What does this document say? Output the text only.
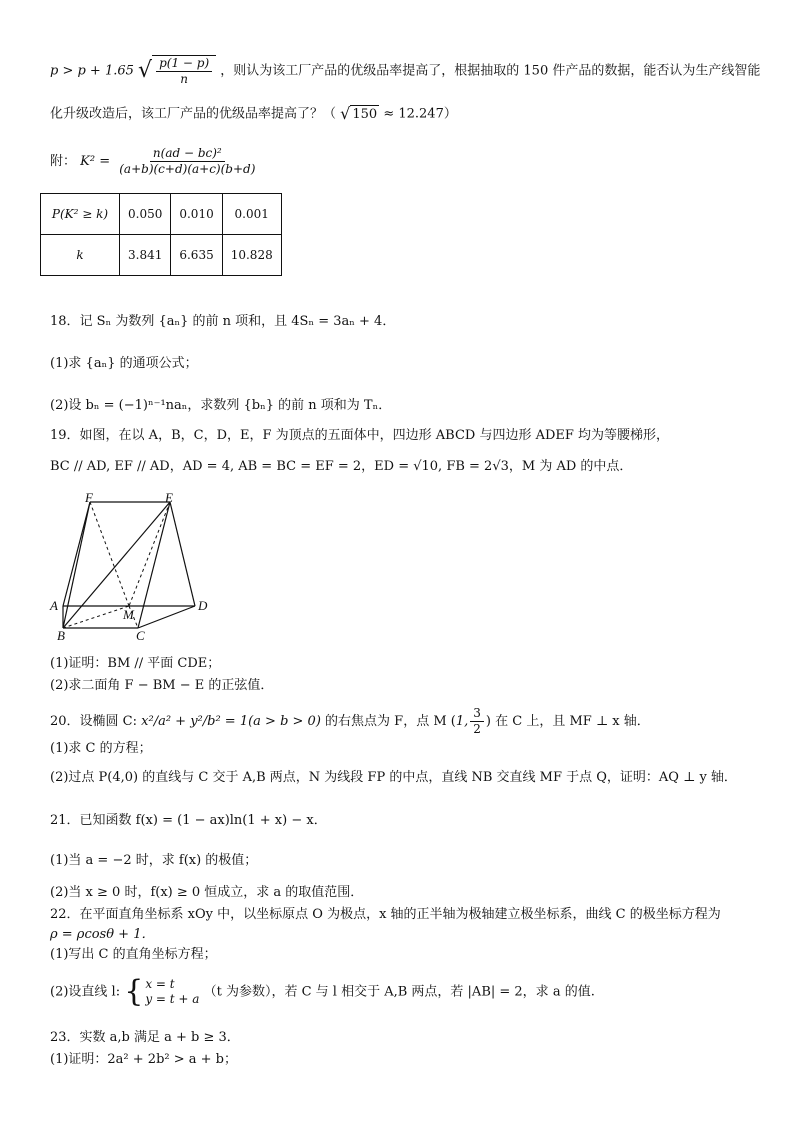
p > p + 1.65 √ $\frac{p(1 - p)}{n}$ ，则认为该工厂产品的优级品率提高了，根据抽取的 150 件产品的数据，能否认为生产线智能
化升级改造后，该工厂产品的优级品率提高了？（ √ 150 ≈ 12.247）
附： $K^2 = \frac{\text{n(ad − bc)²}}{(a+b)(c+d)(a+c)(b+d)}$
P(K² ≥ k)	0.050	0.010	0.001
k	3.841	6.635	10.828
18．记 Sₙ 为数列 {aₙ} 的前 n 项和，且 4Sₙ = 3aₙ + 4．
(1)求 {aₙ} 的通项公式；
(2)设 bₙ = (−1)ⁿ⁻¹naₙ，求数列 {bₙ} 的前 n 项和为 Tₙ．
19．如图，在以 A，B，C，D，E，F 为顶点的五面体中，四边形 ABCD 与四边形 ADEF 均为等腰梯形，
BC // AD, EF // AD，AD = 4, AB = BC = EF = 2，ED = √10, FB = 2√3，M 为 AD 的中点．
F	E
A
M
D
B	C
(1)证明：BM // 平面 CDE；
(2)求二面角 F − BM − E 的正弦值．
20．设椭圆 C: x²/a² + y²/b² = 1(a > b > 0) 的右焦点为 F，点 M (1, $\frac{3}{2}$ ) 在 C 上，且 MF ⊥ x 轴．
(1)求 C 的方程；
(2)过点 P(4,0) 的直线与 C 交于 A,B 两点，N 为线段 FP 的中点，直线 NB 交直线 MF 于点 Q，证明：AQ ⊥ y 轴．
21．已知函数 f(x) = (1 − ax)ln(1 + x) − x．
(1)当 a = −2 时，求 f(x) 的极值；
(2)当 x ≥ 0 时，f(x) ≥ 0 恒成立，求 a 的取值范围．
22．在平面直角坐标系 xOy 中，以坐标原点 O 为极点，x 轴的正半轴为极轴建立极坐标系，曲线 C 的极坐标方程为
ρ = ρcosθ + 1．
(1)写出 C 的直角坐标方程；
(2)设直线 l: { x = t
y = t + a （t 为参数），若 C 与 l 相交于 A,B 两点，若 |AB| = 2，求 a 的值.
23．实数 a,b 满足 a + b ≥ 3．
(1)证明：2a² + 2b² > a + b；
